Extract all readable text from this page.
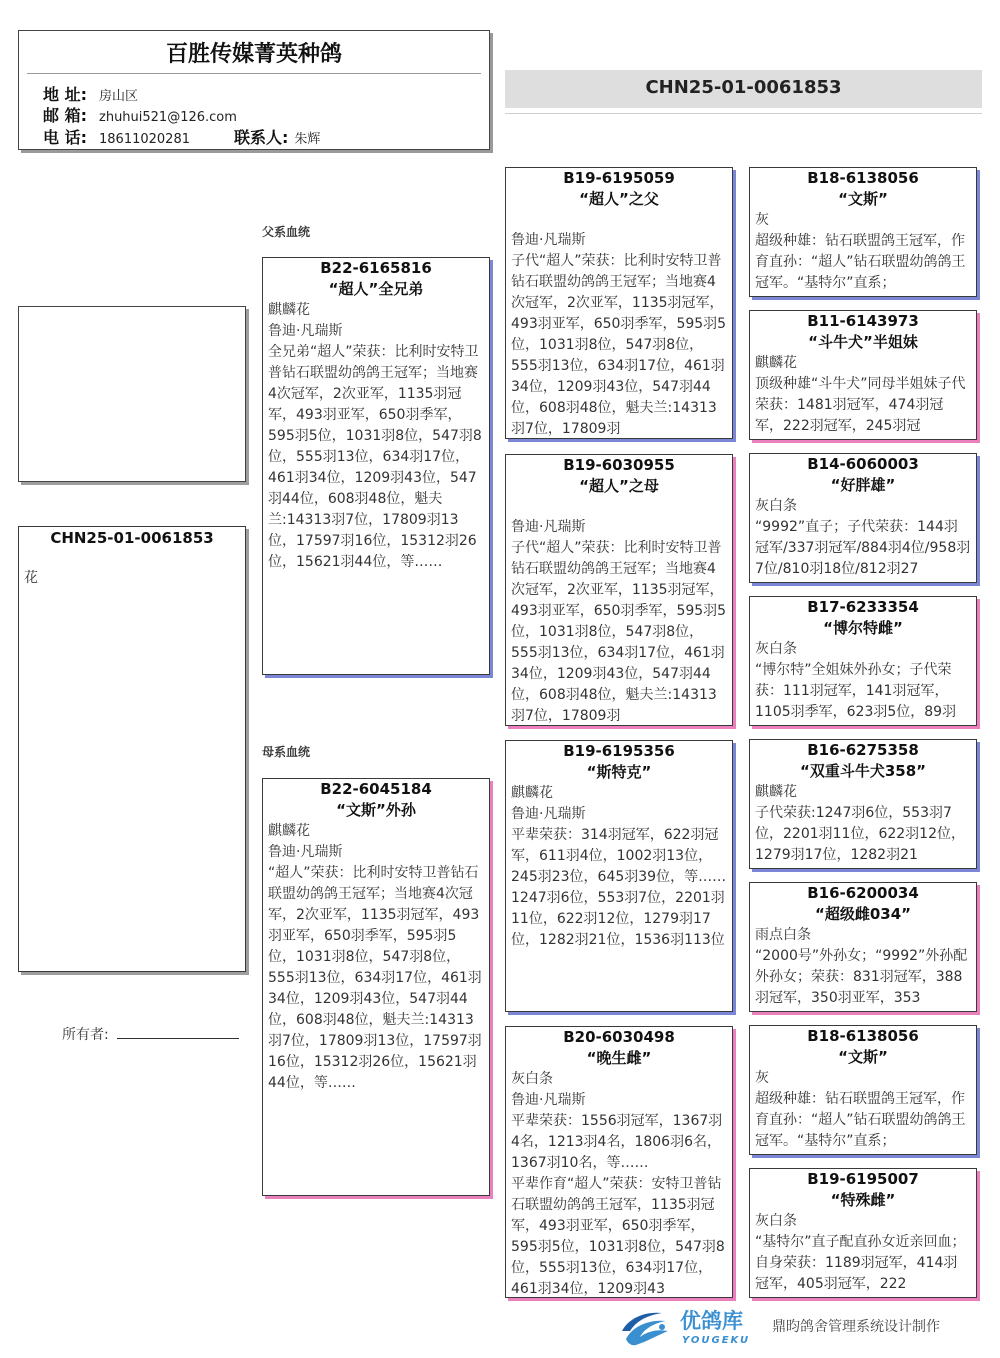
百胜传媒菁英种鸽
地 址: 房山区
邮 箱: zhuhui521@126.com
电 话: 18611020281	联系人: 朱辉
CHN25-01-0061853
CHN25-01-0061853
花
所有者:
父系血统
母系血统
B22-6165816
“超人”全兄弟
麒麟花
鲁迪·凡瑞斯
全兄弟“超人”荣获：比利时安特卫普钻石联盟幼鸽鸽王冠军；当地赛4次冠军，2次亚军，1135羽冠军，493羽亚军，650羽季军，595羽5位，1031羽8位，547羽8位，555羽13位，634羽17位，461羽34位，1209羽43位，547羽44位，608羽48位，魁夫兰:14313羽7位，17809羽13位，17597羽16位，15312羽26位，15621羽44位，等……
B22-6045184
“文斯”外孙
麒麟花
鲁迪·凡瑞斯
“超人”荣获：比利时安特卫普钻石联盟幼鸽鸽王冠军；当地赛4次冠军，2次亚军，1135羽冠军，493羽亚军，650羽季军，595羽5位，1031羽8位，547羽8位，555羽13位，634羽17位，461羽34位，1209羽43位，547羽44位，608羽48位，魁夫兰:14313羽7位，17809羽13位，17597羽16位，15312羽26位，15621羽44位，等……
B19-6195059
“超人”之父
鲁迪·凡瑞斯
子代“超人”荣获：比利时安特卫普钻石联盟幼鸽鸽王冠军；当地赛4次冠军，2次亚军，1135羽冠军，493羽亚军，650羽季军，595羽5位，1031羽8位，547羽8位，555羽13位，634羽17位，461羽34位，1209羽43位，547羽44位，608羽48位，魁夫兰:14313羽7位，17809羽
B19-6030955
“超人”之母
鲁迪·凡瑞斯
子代“超人”荣获：比利时安特卫普钻石联盟幼鸽鸽王冠军；当地赛4次冠军，2次亚军，1135羽冠军，493羽亚军，650羽季军，595羽5位，1031羽8位，547羽8位，555羽13位，634羽17位，461羽34位，1209羽43位，547羽44位，608羽48位，魁夫兰:14313羽7位，17809羽
B19-6195356
“斯特克”
麒麟花
鲁迪·凡瑞斯
平辈荣获：314羽冠军，622羽冠军，611羽4位，1002羽13位，245羽23位，645羽39位，等……1247羽6位，553羽7位，2201羽11位，622羽12位，1279羽17位，1282羽21位，1536羽113位
B20-6030498
“晚生雌”
灰白条
鲁迪·凡瑞斯
平辈荣获：1556羽冠军，1367羽4名，1213羽4名，1806羽6名，1367羽10名，等……
平辈作育“超人”荣获：安特卫普钻石联盟幼鸽鸽王冠军，1135羽冠军，493羽亚军，650羽季军，595羽5位，1031羽8位，547羽8位，555羽13位，634羽17位，461羽34位，1209羽43
B18-6138056
“文斯”
灰
超级种雄：钻石联盟鸽王冠军，作育直孙：“超人”钻石联盟幼鸽鸽王冠军。“基特尔”直系；
B11-6143973
“斗牛犬”半姐妹
麒麟花
顶级种雄“斗牛犬”同母半姐妹子代荣获：1481羽冠军，474羽冠军，222羽冠军，245羽冠
B14-6060003
“好胖雄”
灰白条
“9992”直子；子代荣获：144羽冠军/337羽冠军/884羽4位/958羽7位/810羽18位/812羽27
B17-6233354
“博尔特雌”
灰白条
“博尔特”全姐妹外孙女；子代荣获：111羽冠军，141羽冠军，1105羽季军，623羽5位，89羽
B16-6275358
“双重斗牛犬358”
麒麟花
子代荣获:1247羽6位，553羽7位，2201羽11位，622羽12位，1279羽17位，1282羽21
B16-6200034
“超级雌034”
雨点白条
“2000号”外孙女；“9992”外孙配外孙女；荣获：831羽冠军，388羽冠军，350羽亚军，353
B18-6138056
“文斯”
灰
超级种雄：钻石联盟鸽王冠军，作育直孙：“超人”钻石联盟幼鸽鸽王冠军。“基特尔”直系；
B19-6195007
“特殊雌”
灰白条
“基特尔”直子配直孙女近亲回血；自身荣获：1189羽冠军，414羽冠军，405羽冠军，222
优鸽库
YOUGEKU
鼎昀鸽舍管理系统设计制作
